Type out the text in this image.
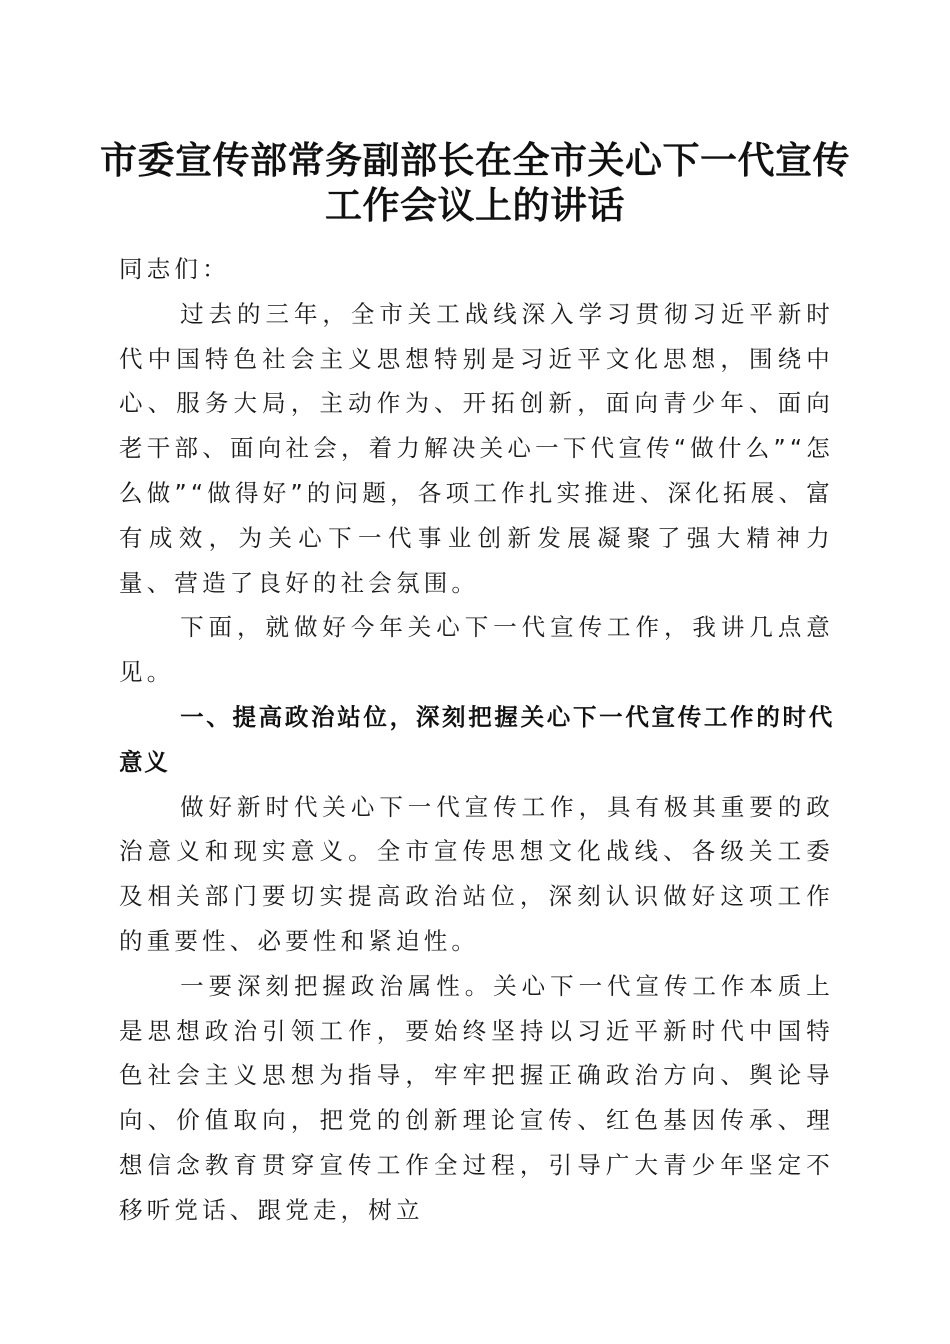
市委宣传部常务副部长在全市关心下一代宣传
工作会议上的讲话

同志们：

过去的三年，全市关工战线深入学习贯彻习近平新时代中国特色社会主义思想特别是习近平文化思想，围绕中心、服务大局，主动作为、开拓创新，面向青少年、面向老干部、面向社会，着力解决关心一下代宣传“做什么”“怎么做”“做得好”的问题，各项工作扎实推进、深化拓展、富有成效，为关心下一代事业创新发展凝聚了强大精神力量、营造了良好的社会氛围。

下面，就做好今年关心下一代宣传工作，我讲几点意见。

一、提高政治站位，深刻把握关心下一代宣传工作的时代意义

做好新时代关心下一代宣传工作，具有极其重要的政治意义和现实意义。全市宣传思想文化战线、各级关工委及相关部门要切实提高政治站位，深刻认识做好这项工作的重要性、必要性和紧迫性。

一要深刻把握政治属性。关心下一代宣传工作本质上是思想政治引领工作，要始终坚持以习近平新时代中国特色社会主义思想为指导，牢牢把握正确政治方向、舆论导向、价值取向，把党的创新理论宣传、红色基因传承、理想信念教育贯穿宣传工作全过程，引导广大青少年坚定不移听党话、跟党走，树立
